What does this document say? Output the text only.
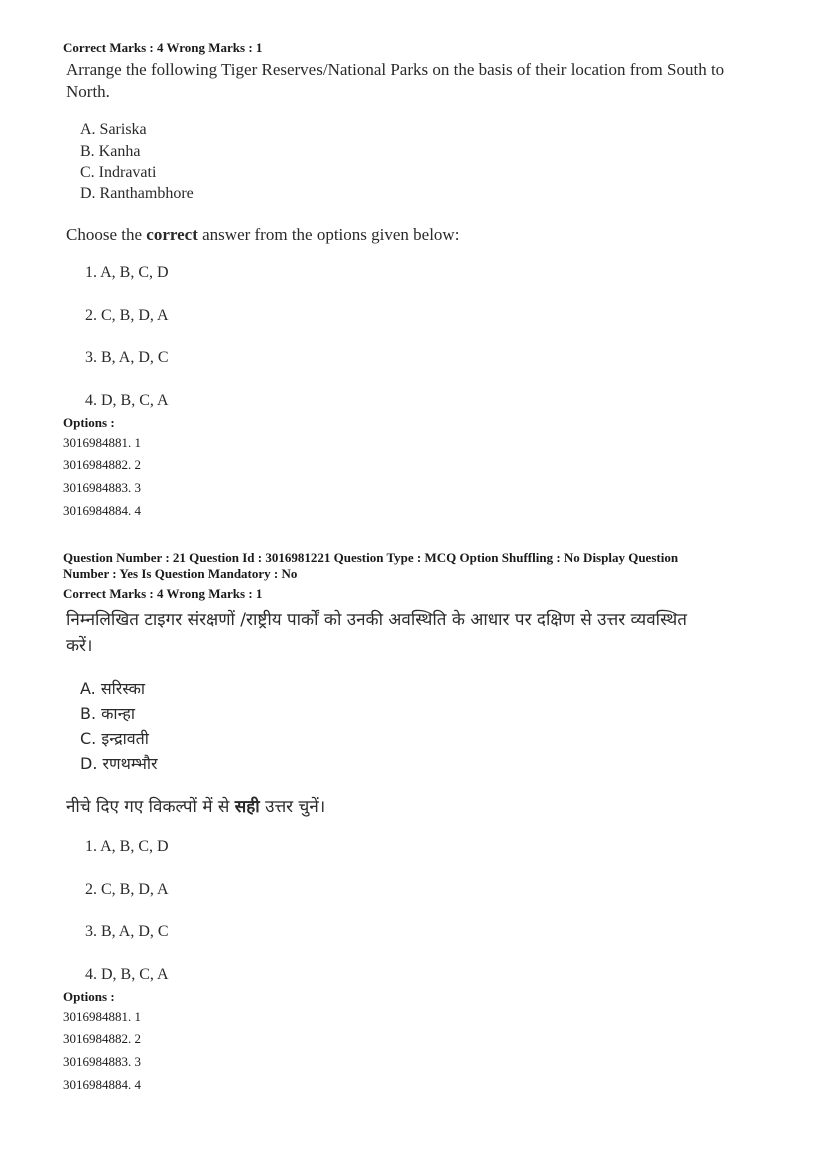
Correct Marks : 4 Wrong Marks : 1
Arrange the following Tiger Reserves/National Parks on the basis of their location from South to
North.
A. Sariska
B. Kanha
C. Indravati
D. Ranthambhore
Choose the correct answer from the options given below:
1. A, B, C, D
2. C, B, D, A
3. B, A, D, C
4. D, B, C, A
Options :
3016984881. 1
3016984882. 2
3016984883. 3
3016984884. 4
Question Number : 21 Question Id : 3016981221 Question Type : MCQ Option Shuffling : No Display Question
Number : Yes Is Question Mandatory : No
Correct Marks : 4 Wrong Marks : 1
निम्नलिखित टाइगर संरक्षणों /राष्ट्रीय पार्कों को उनकी अवस्थिति के आधार पर दक्षिण से उत्तर व्यवस्थित
करें।
A. सरिस्का
B. कान्हा
C. इन्द्रावती
D. रणथम्भौर
नीचे दिए गए विकल्पों में से सही उत्तर चुनें।
1. A, B, C, D
2. C, B, D, A
3. B, A, D, C
4. D, B, C, A
Options :
3016984881. 1
3016984882. 2
3016984883. 3
3016984884. 4
